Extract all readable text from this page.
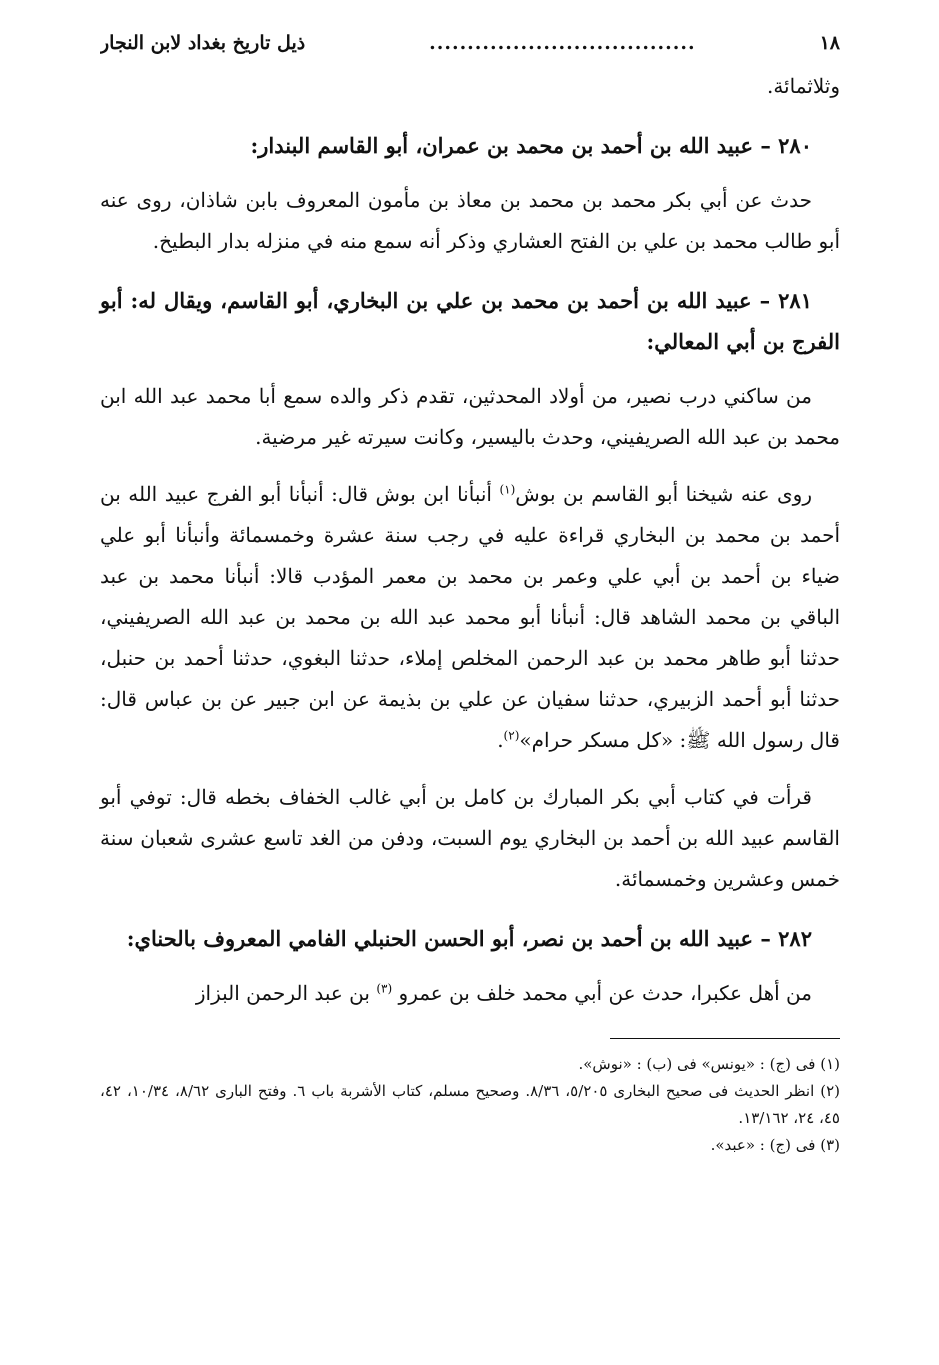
١٨
...................................
ذيل تاريخ بغداد لابن النجار

وثلاثمائة.

٢٨٠ – عبيد الله بن أحمد بن محمد بن عمران، أبو القاسم البندار:

حدث عن أبي بكر محمد بن محمد بن معاذ بن مأمون المعروف بابن شاذان، روى عنه أبو طالب محمد بن علي بن الفتح العشاري وذكر أنه سمع منه في منزله بدار البطيخ.

٢٨١ – عبيد الله بن أحمد بن محمد بن علي بن البخاري، أبو القاسم، ويقال له: أبو الفرج بن أبي المعالي:

من ساكني درب نصير، من أولاد المحدثين، تقدم ذكر والده سمع أبا محمد عبد الله ابن محمد بن عبد الله الصريفيني، وحدث باليسير، وكانت سيرته غير مرضية.

روى عنه شيخنا أبو القاسم بن بوش$^{(١)}$ أنبأنا ابن بوش قال: أنبأنا أبو الفرج عبيد الله بن أحمد بن محمد بن البخاري قراءة عليه في رجب سنة عشرة وخمسمائة وأنبأنا أبو علي ضياء بن أحمد بن أبي علي وعمر بن محمد بن معمر المؤدب قالا: أنبأنا محمد بن عبد الباقي بن محمد الشاهد قال: أنبأنا أبو محمد عبد الله بن محمد بن عبد الله الصريفيني، حدثنا أبو طاهر محمد بن عبد الرحمن المخلص إملاء، حدثنا البغوي، حدثنا أحمد بن حنبل، حدثنا أبو أحمد الزبيري، حدثنا سفيان عن علي بن بذيمة عن ابن جبير عن بن عباس قال: قال رسول الله ﷺ: «كل مسكر حرام»$^{(٢)}$.

قرأت في كتاب أبي بكر المبارك بن كامل بن أبي غالب الخفاف بخطه قال: توفي أبو القاسم عبيد الله بن أحمد بن البخاري يوم السبت، ودفن من الغد تاسع عشرى شعبان سنة خمس وعشرين وخمسمائة.

٢٨٢ – عبيد الله بن أحمد بن نصر، أبو الحسن الحنبلي الفامي المعروف بالحناي:

من أهل عكبرا، حدث عن أبي محمد خلف بن عمرو $^{(٣)}$ بن عبد الرحمن البزاز

(١) فى (ج) : «يونس» فى (ب) : «نوش».

(٢) انظر الحديث فى صحيح البخارى ٥/٢٠٥، ٨/٣٦. وصحيح مسلم، كتاب الأشربة باب ٦. وفتح البارى ٨/٦٢، ١٠/٣٤، ٤٢، ٤٥، ٢٤، ١٣/١٦٢.

(٣) فى (ج) : «عبد».
